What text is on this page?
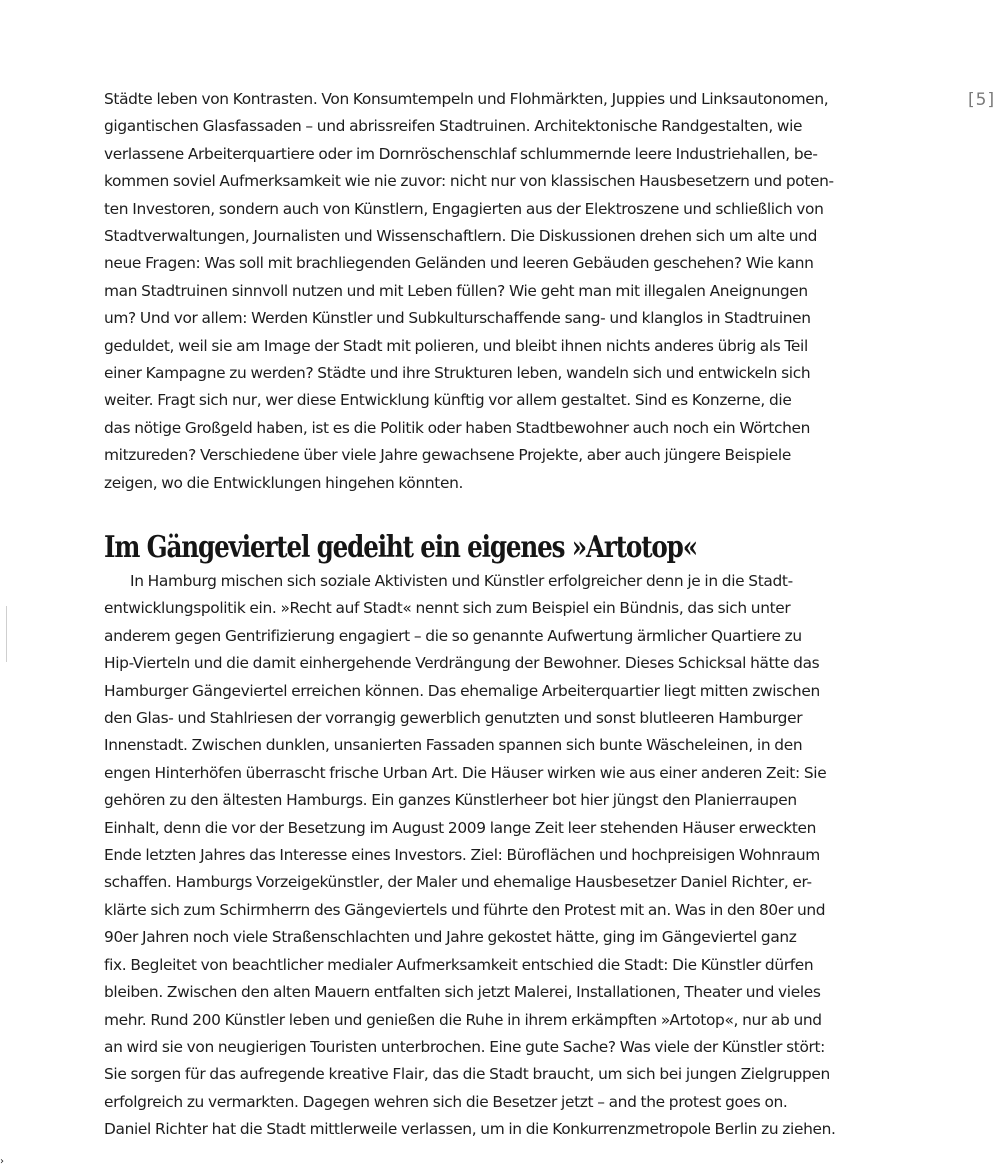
[5]
Städte leben von Kontrasten. Von Konsumtempeln und Flohmärkten, Juppies und Linksautonomen,
gigantischen Glasfassaden – und abrissreifen Stadtruinen. Architektonische Randgestalten, wie
verlassene Arbeiterquartiere oder im Dornröschenschlaf schlummernde leere Industriehallen, be-
kommen soviel Aufmerksamkeit wie nie zuvor: nicht nur von klassischen Hausbesetzern und poten-
ten Investoren, sondern auch von Künstlern, Engagierten aus der Elektroszene und schließlich von
Stadtverwaltungen, Journalisten und Wissenschaftlern. Die Diskussionen drehen sich um alte und
neue Fragen: Was soll mit brachliegenden Geländen und leeren Gebäuden geschehen? Wie kann
man Stadtruinen sinnvoll nutzen und mit Leben füllen? Wie geht man mit illegalen Aneignungen
um? Und vor allem: Werden Künstler und Subkulturschaffende sang- und klanglos in Stadtruinen
geduldet, weil sie am Image der Stadt mit polieren, und bleibt ihnen nichts anderes übrig als Teil
einer Kampagne zu werden? Städte und ihre Strukturen leben, wandeln sich und entwickeln sich
weiter. Fragt sich nur, wer diese Entwicklung künftig vor allem gestaltet. Sind es Konzerne, die
das nötige Großgeld haben, ist es die Politik oder haben Stadtbewohner auch noch ein Wörtchen
mitzureden? Verschiedene über viele Jahre gewachsene Projekte, aber auch jüngere Beispiele
zeigen, wo die Entwicklungen hingehen könnten.
Im Gängeviertel gedeiht ein eigenes »Artotop«
In Hamburg mischen sich soziale Aktivisten und Künstler erfolgreicher denn je in die Stadt-
entwicklungspolitik ein. »Recht auf Stadt« nennt sich zum Beispiel ein Bündnis, das sich unter
anderem gegen Gentrifizierung engagiert – die so genannte Aufwertung ärmlicher Quartiere zu
Hip-Vierteln und die damit einhergehende Verdrängung der Bewohner. Dieses Schicksal hätte das
Hamburger Gängeviertel erreichen können. Das ehemalige Arbeiterquartier liegt mitten zwischen
den Glas- und Stahlriesen der vorrangig gewerblich genutzten und sonst blutleeren Hamburger
Innenstadt. Zwischen dunklen, unsanierten Fassaden spannen sich bunte Wäscheleinen, in den
engen Hinterhöfen überrascht frische Urban Art. Die Häuser wirken wie aus einer anderen Zeit: Sie
gehören zu den ältesten Hamburgs. Ein ganzes Künstlerheer bot hier jüngst den Planierraupen
Einhalt, denn die vor der Besetzung im August 2009 lange Zeit leer stehenden Häuser erweckten
Ende letzten Jahres das Interesse eines Investors. Ziel: Büroflächen und hochpreisigen Wohnraum
schaffen. Hamburgs Vorzeigekünstler, der Maler und ehemalige Hausbesetzer Daniel Richter, er-
klärte sich zum Schirmherrn des Gängeviertels und führte den Protest mit an. Was in den 80er und
90er Jahren noch viele Straßenschlachten und Jahre gekostet hätte, ging im Gängeviertel ganz
fix. Begleitet von beachtlicher medialer Aufmerksamkeit entschied die Stadt: Die Künstler dürfen
bleiben. Zwischen den alten Mauern entfalten sich jetzt Malerei, Installationen, Theater und vieles
mehr. Rund 200 Künstler leben und genießen die Ruhe in ihrem erkämpften »Artotop«, nur ab und
an wird sie von neugierigen Touristen unterbrochen. Eine gute Sache? Was viele der Künstler stört:
Sie sorgen für das aufregende kreative Flair, das die Stadt braucht, um sich bei jungen Zielgruppen
erfolgreich zu vermarkten. Dagegen wehren sich die Besetzer jetzt – and the protest goes on.
Daniel Richter hat die Stadt mittlerweile verlassen, um in die Konkurrenzmetropole Berlin zu ziehen.
›
